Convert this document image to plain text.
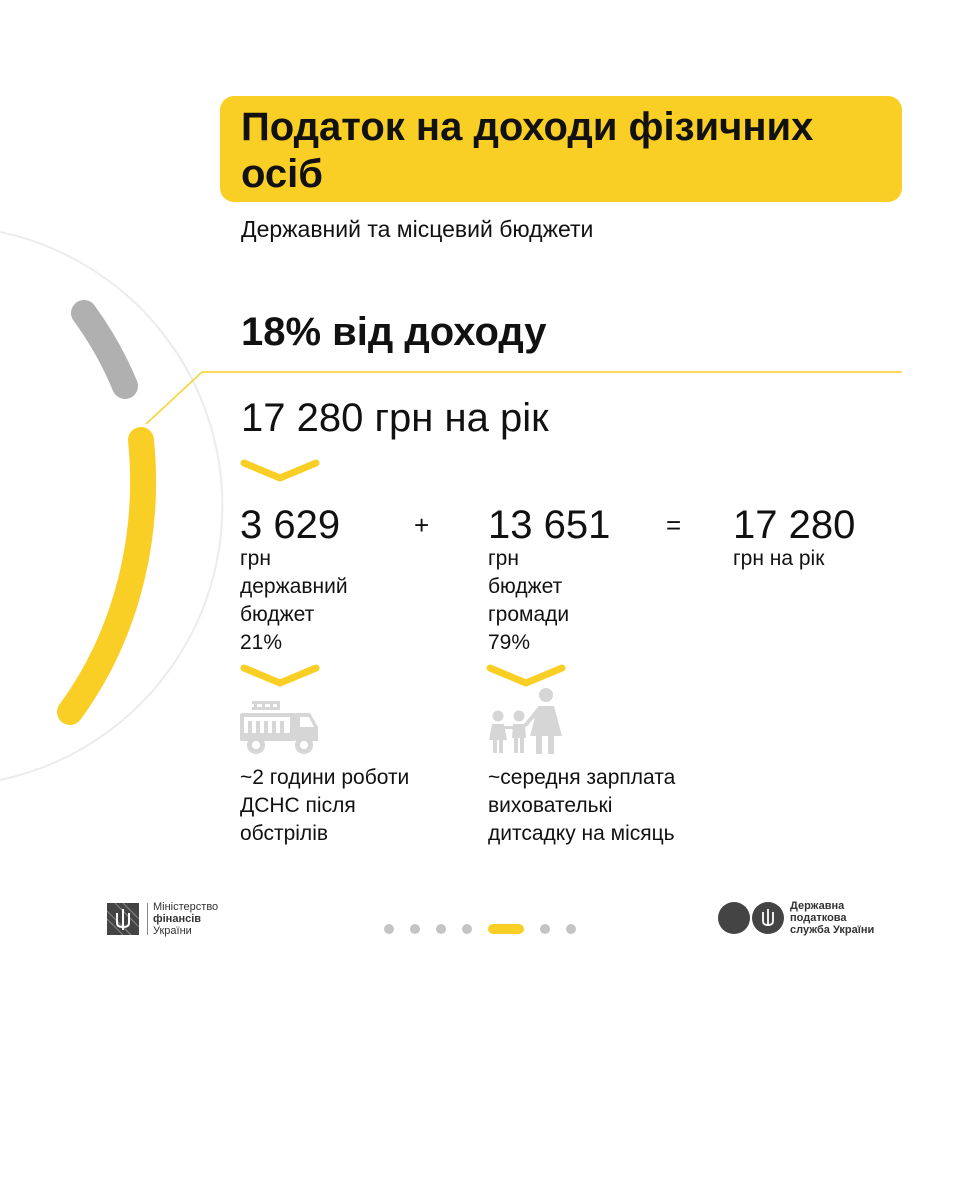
Податок на доходи фізичних осіб
Державний та місцевий бюджети
18% від доходу
17 280 грн на рік
3 629	+ 13 651 = 17 280
грн
державний
бюджет
21%
грн
бюджет
громади
79%
грн на рік
~2 години роботи
ДСНС після
обстрілів
~середня зарплата
вихователькі
дитсадку на місяць
Міністерство
фінансів
України
Державна
податкова
служба України
